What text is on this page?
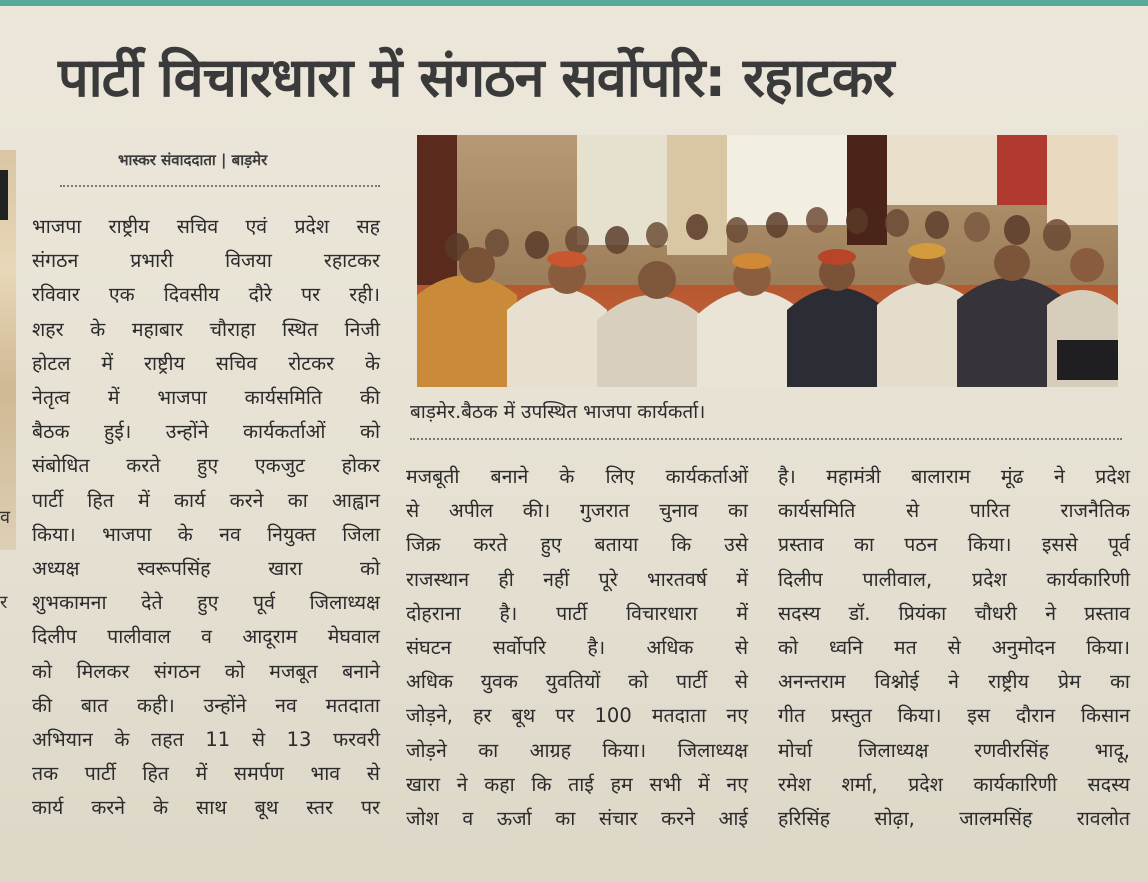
व
र
पार्टी विचारधारा में संगठन सर्वोपरि: रहाटकर
भास्कर संवाददाता | बाड़मेर

भाजपा राष्ट्रीय सचिव एवं प्रदेश सह

संगठन प्रभारी विजया रहाटकर

रविवार एक दिवसीय दौरे पर रही।

शहर के महाबार चौराहा स्थित निजी

होटल में राष्ट्रीय सचिव रोटकर के

नेतृत्व में भाजपा कार्यसमिति की

बैठक हुई। उन्होंने कार्यकर्ताओं को

संबोधित करते हुए एकजुट होकर

पार्टी हित में कार्य करने का आह्वान

किया। भाजपा के नव नियुक्त जिला

अध्यक्ष स्वरूपसिंह खारा को

शुभकामना देते हुए पूर्व जिलाध्यक्ष

दिलीप पालीवाल व आदूराम मेघवाल

को मिलकर संगठन को मजबूत बनाने

की बात कही। उन्होंने नव मतदाता

अभियान के तहत 11 से 13 फरवरी

तक पार्टी हित में समर्पण भाव से

कार्य करने के साथ बूथ स्तर पर

बाड़मेर.बैठक में उपस्थित भाजपा कार्यकर्ता।

मजबूती बनाने के लिए कार्यकर्ताओं

से अपील की। गुजरात चुनाव का

जिक्र करते हुए बताया कि उसे

राजस्थान ही नहीं पूरे भारतवर्ष में

दोहराना है। पार्टी विचारधारा में

संघटन सर्वोपरि है। अधिक से

अधिक युवक युवतियों को पार्टी से

जोड़ने, हर बूथ पर 100 मतदाता नए

जोड़ने का आग्रह किया। जिलाध्यक्ष

खारा ने कहा कि ताई हम सभी में नए

जोश व ऊर्जा का संचार करने आई

है। महामंत्री बालाराम मूंढ ने प्रदेश

कार्यसमिति से पारित राजनैतिक

प्रस्ताव का पठन किया। इससे पूर्व

दिलीप पालीवाल, प्रदेश कार्यकारिणी

सदस्य डॉ. प्रियंका चौधरी ने प्रस्ताव

को ध्वनि मत से अनुमोदन किया।

अनन्तराम विश्नोई ने राष्ट्रीय प्रेम का

गीत प्रस्तुत किया। इस दौरान किसान

मोर्चा जिलाध्यक्ष रणवीरसिंह भादू,

रमेश शर्मा, प्रदेश कार्यकारिणी सदस्य

हरिसिंह सोढ़ा, जालमसिंह रावलोत
